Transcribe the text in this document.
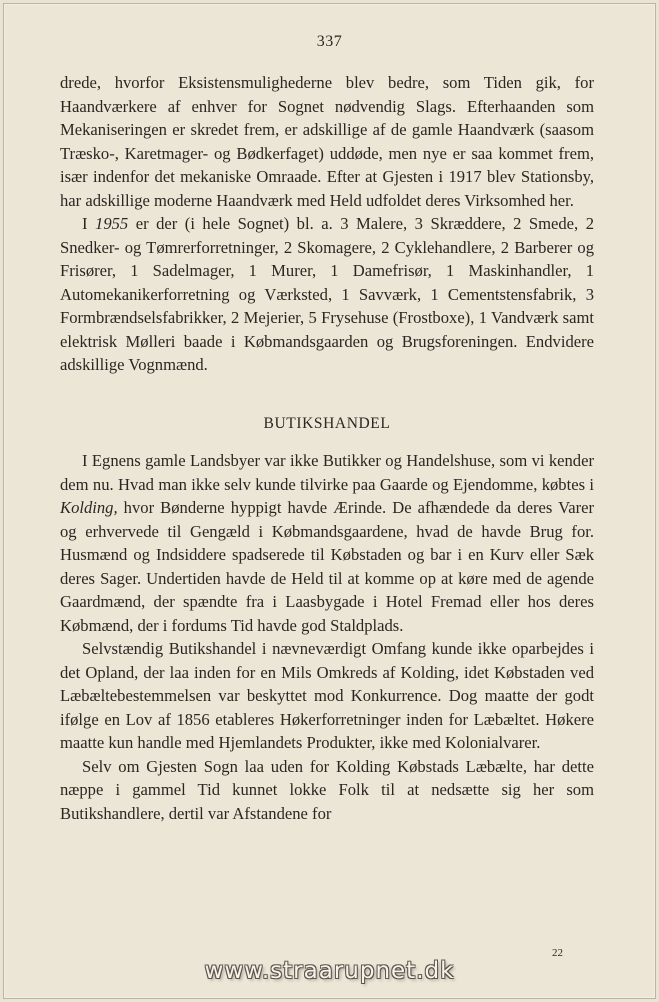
337

drede, hvorfor Eksistensmulighederne blev bedre, som Tiden gik, for Haandværkere af enhver for Sognet nødvendig Slags. Efterhaanden som Mekaniseringen er skredet frem, er adskillige af de gamle Haandværk (saasom Træsko-, Karetmager- og Bødkerfaget) uddøde, men nye er saa kommet frem, især indenfor det mekaniske Omraade. Efter at Gjesten i 1917 blev Stationsby, har adskillige moderne Haandværk med Held udfoldet deres Virksomhed her.

I 1955 er der (i hele Sognet) bl. a. 3 Malere, 3 Skræddere, 2 Smede, 2 Snedker- og Tømrerforretninger, 2 Skomagere, 2 Cyklehandlere, 2 Barberer og Frisører, 1 Sadelmager, 1 Murer, 1 Damefrisør, 1 Maskinhandler, 1 Automekanikerforretning og Værksted, 1 Savværk, 1 Cementstensfabrik, 3 Formbrændselsfabrikker, 2 Mejerier, 5 Frysehuse (Frostboxe), 1 Vandværk samt elektrisk Mølleri baade i Købmandsgaarden og Brugsforeningen. Endvidere adskillige Vognmænd.

BUTIKSHANDEL

I Egnens gamle Landsbyer var ikke Butikker og Handelshuse, som vi kender dem nu. Hvad man ikke selv kunde tilvirke paa Gaarde og Ejendomme, købtes i Kolding, hvor Bønderne hyppigt havde Ærinde. De afhændede da deres Varer og erhvervede til Gengæld i Købmandsgaardene, hvad de havde Brug for. Husmænd og Indsiddere spadserede til Købstaden og bar i en Kurv eller Sæk deres Sager. Undertiden havde de Held til at komme op at køre med de agende Gaardmænd, der spændte fra i Laasbygade i Hotel Fremad eller hos deres Købmænd, der i fordums Tid havde god Staldplads.

Selvstændig Butikshandel i nævneværdigt Omfang kunde ikke oparbejdes i det Opland, der laa inden for en Mils Omkreds af Kolding, idet Købstaden ved Læbæltebestemmelsen var beskyttet mod Konkurrence. Dog maatte der godt ifølge en Lov af 1856 etableres Høkerforretninger inden for Læbæltet. Høkere maatte kun handle med Hjemlandets Produkter, ikke med Kolonialvarer.

Selv om Gjesten Sogn laa uden for Kolding Købstads Læbælte, har dette næppe i gammel Tid kunnet lokke Folk til at nedsætte sig her som Butikshandlere, dertil var Afstandene for

22
www.straarupnet.dk
